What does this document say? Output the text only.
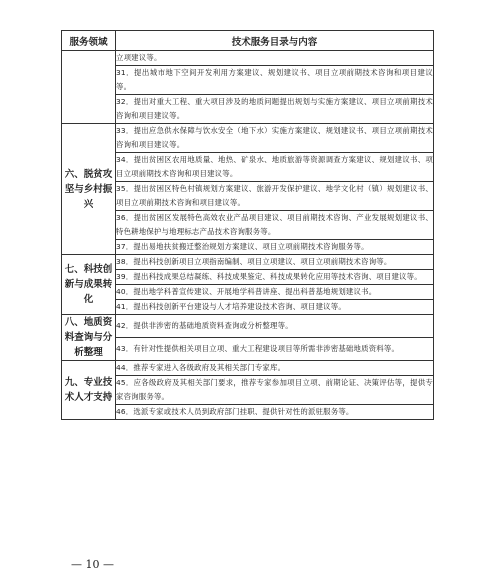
服务领域	技术服务目录与内容
	立项建议等。
	31．提出城市地下空间开发利用方案建议、规划建议书、项目立项前期技术咨询和项目建议等。
	32．提出对重大工程、重大项目涉及的地质问题提出规划与实施方案建议、项目立项前期技术咨询和项目建议等。
六、脱贫攻坚与乡村振兴	33．提出应急供水保障与饮水安全（地下水）实施方案建议、规划建议书、项目立项前期技术咨询和项目建议等。
	34．提出贫困区农用地质量、地热、矿泉水、地质旅游等资源调查方案建议、规划建议书、项目立项前期技术咨询和项目建议等。
	35．提出贫困区特色村镇规划方案建议、旅游开发保护建议、地学文化村（镇）规划建议书、项目立项前期技术咨询和项目建议等。
	36．提出贫困区发展特色高效农业产品项目建议、项目前期技术咨询、产业发展规划建议书、特色耕地保护与地理标志产品技术咨询服务等。
	37．提出易地扶贫搬迁整治规划方案建议、项目立项前期技术咨询服务等。
七、科技创新与成果转化	38．提出科技创新项目立项指南编制、项目立项建议、项目立项前期技术咨询等。
	39．提出科技成果总结凝练、科技成果鉴定、科技成果转化应用等技术咨询、项目建议等。
	40．提出地学科普宣传建议、开展地学科普讲座、提出科普基地规划建议书。
	41．提出科技创新平台建设与人才培养建设技术咨询、项目建议等。
八、地质资料查询与分析整理	42．提供非涉密的基础地质资料查询或分析整理等。
	43．有针对性提供相关项目立项、重大工程建设项目等所需非涉密基础地质资料等。
九、专业技术人才支持	44．推荐专家进入各级政府及其相关部门专家库。
	45．应各级政府及其相关部门要求，推荐专家参加项目立项、前期论证、决策评估等，提供专家咨询服务等。
	46．选派专家或技术人员到政府部门挂职、提供针对性的派驻服务等。
— 10 —
